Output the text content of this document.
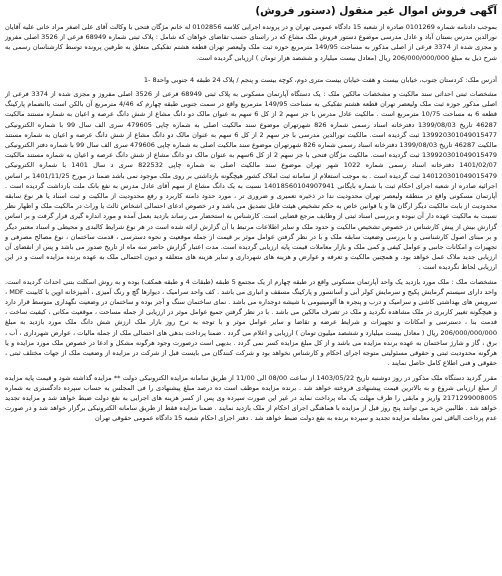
آگهی فروش اموال غیر منقول (دستور فروش)

بموجب دادنامه شماره 0101269 صادره از شعبه 15 دادگاه عمومی تهران و در پرونده اجرایی کلاسه 0102856 له خانم مژگان فتحی با وکالت آقای علی اصغر مراد خانی علیه آقایان نورالدین مدرس بستان آباد و عادل مدرسی موضوع دستور فروش ملک مشاع که در راستای حسب تقاضای خواهان که شامل : پلاک ثبتی شماره 68949 فرعی از 3526 اصلی مفروز و مجزی شده از 3374 فرعی از اصلی مذکور به مساحت 149/95 مترمربع حوزه ثبت ملک ولیعصر تهران قطعه هشتم تفکیکی متعلق به طرفین پرونده توسط کارشناسان رسمی به شرح ذیل به مبلغ 206/000/000/000 ریال (معادل بیست میلیارد و ششصد هزار تومان ) ارزیابی گردیده است.

آدرس ملک: کردستان جنوب، خیابان بیست و هفت خیابان بیست متری دوم، کوچه بیست و پنجم / پلاک 24 طبقه 4 جنوبی واحد8 -1

مشخصات ثبتی احداثی سند مالکیت و مشخصات مالکین ملک : یک دستگاه آپارتمان مسکونی به پلاک ثبتی 68949 فرعی از 3526 اصلی مفروز و مجزی شده از 3374 فرعی از اصلی مذکور حوزه ثبت ملک ولیعصر تهران قطعه هشتم تفکیکی به مساحت 149/95 مترمربع واقع در سمت جنوبی طبقه چهارم که 4/46 مترمربع آن بالکن است باانضمام پارکینگ قطعه 6 به مساحت 10/75 مترمربع است . مالکیت عادل مدرس با جز سهم 2 از کل 6 سهم به عنوان مالک دو دانگ مشاع از شش دانگ عرصه و اعیان به شماره مستند مالکیت 46287 تاریخ 1399/08/03 دفترخانه اسناد رسمی شماره 826 شهرتهران موضوع سند مالکیت اصلی به شماره چاپی 479605 سری الف سال 99 با شماره الکترونیکی 139920301049015477 ثبت گردیده است. مالکیت نورالدین مدرسی با جز سهم 2 از کل 6 سهم به عنوان مالک دو دانگ مشاع از شش دانگ عرصه و اعیان به شماره مستند مالکیت 46287 تاریخ 1399/08/03 دفترخانه اسناد رسمی شماره 826 شهرتهران موضوع سند مالکیت اصلی به شماره چاپی 479606 سری الف سال 99 با شماره دفتر الکترونیکی 139920301049015479 ثبت گردیده است. مالکیت مژگان فتحی با جز سهم 2 از کل 6سهم به عنوان مالک دو دانگ مشاع از شش دانگ عرصه و اعیان به شماره مستند مالکیت 1401/02/07 دفترخانه اسناد رسمی شماره 1022 شهر تهران موضوع سند مالکیت اصلی به شماره چاپی 822532 سری د سال 1401 با شماره الکترونیکی 140120301049015479 ثبت گردیده است . به موجب استعلام از سامانه ثبت املاک کشور هیچگونه بازداشتی بر روی ملک موجود نمی باشد ضمنا در مورخ 1401/11/25 بر اساس اجرائیه صادره از شعبه اجرای احکام ثبت با شماره بایگانی 14018560104907941 نسبت به یک دانگ مشاع از سهم آقای عادل مدرس به نفع بانک ملت بازداشت گردیده است . آپارتمان مسکونی واقع در منطقه ولیعصر تهران محدودیت ندا در ذخیره تعمیری و ضروری تر ، مورد حدود دامنه کاربرد و رفع محدودیت از مالکیت و ثبت اسناد یا هر نوع سابقه محدودیت از بابت مالکیت دیگر ارگان ها و یا قوانین خاص به حکم تشخیص هیئت قابل تصدیق می باشد و در خصوص ادعای احتمالی اشخاص ثالث یا وراث در مالکیت ملک و اظهار نظر نسبت به مالکیت عهده دار آن نبوده و بررسی اسناد ثبتی از وظایف مرجع قضایی است. کارشناس به استحضار می رساند بازدید بعمل آمده و مورد اندازه گیری قرار گرفت و بر اساس گزارش بیش از پیش کارشناس در خصوص تشخیص مالکیت و حدود ملک و سایر اطلاعات مرتبط با آن گزارش ارائه شده است در هر نوع شرایط کالبدی و محیطی و اسناد معتبر دیگر و بر مبنای اصول کارشناسی و با بررسی وضعیت سابقه ملک و با در نظر گرفتن عوامل موثر بر قیمت از جمله موقعیت و نحوه دسترسی ، قدمت ساختمان ، نوع مصالح مصرفی و تجهیزات و امکانات جانبی و عوامل کیفی و کمی ملک و بازار معاملات قیمت پایه ارزیابی گردیده است. مدت اعتبار گزارش حاضر سه ماه از تاریخ صدور می باشد و پس از انقضای آن ارزیابی جدید ملاک عمل خواهد بود. و همچنین مالکیت و تعرفه و عوارض و هزینه های شهرداری و سایر هزینه های متعلقه و دیون احتمالی ملک به عهده برنده مزایده است و در این ارزیابی لحاظ نگردیده است .

مشخصات ملک : ملک مورد بازدید یک واحد آپارتمان مسکونی واقع در طبقه چهارم از یک مجتمع 5 طبقه (طبقات 4 و طبقه همکف) بوده و به روش اسکلت بتنی احداث گردیده است. واحد دارای سیستم گرمایش پکیج و سرمایش کولر آبی و آسانسور و پارکینگ مسقف و انباری می باشد . کف واحد سرامیک ، دیوارها گچ و رنگ آمیزی ، آشپزخانه اوپن با کابینت MDF ، سرویس های بهداشتی کاشی و سرامیک و درب و پنجره ها آلومینیومی با شیشه دوجداره می باشد . نمای ساختمان سنگ و آجر بوده و ساختمان در وضعیت نگهداری متوسط قرار دارد و هیچگونه تغییر کاربری در ملک مشاهده نگردید و ملک در تصرف مالکین می باشد . با در نظر گرفتن جمیع عوامل موثر در ارزیابی از جمله مساحت ، موقعیت مکانی ، کیفیت ساخت ، قدمت بنا ، دسترسی و امکانات و تجهیزات و شرایط عرضه و تقاضا و سایر عوامل موثر و با توجه به نرخ روز بازار ملک ارزش شش دانگ ملک مورد بازدید به مبلغ 206/000/000/000 ریال ( معادل بیست میلیارد و ششصد میلیون تومان ) ارزیابی و اعلام می گردد . ضمنا پرداخت بدهی های احتمالی ملک از جمله مالیات ، عوارض شهرداری ، آب ، برق ، گاز و شارژ ساختمان به عهده برنده مزایده می باشد و از کل مبلغ مزایده کسر نمی گردد . بدیهی است درصورت وجود هرگونه مشکل و ادعا در خصوص ملک مورد مزایده و یا هرگونه محدودیت ثبتی و حقوقی مسئولیتی متوجه اجرای احکام و کارشناس نخواهد بود و شرکت کنندگان می بایست قبل از شرکت در مزایده از وضعیت ملک از جهات مختلف ثبتی ، حقوقی و فنی اطلاع کامل حاصل نمایند .

مقرر گردید دستگاه ملک مذکور در روز دوشنبه تاریخ 1403/05/22 از ساعت 08/00 الی 11/00 از طریق سامانه مزایده الکترونیکی دولت ** مزایده گذاشته شود و قیمت پایه مزایده از مبلغ ارزیابی شروع و به بالاترین قیمت پیشنهادی فروخته خواهد شد . برنده مزایده موظف است ده درصد مبلغ پیشنهادی را فی المجلس به حساب سپرده دادگستری به شماره 2171299008005 واریز و مابقی را ظرف مهلت یک ماه پرداخت نماید در غیر این صورت سپرده وی پس از کسر هزینه های اجرایی به نفع دولت ضبط خواهد شد و مزایده تجدید خواهد شد . طالبین خرید می توانند پنج روز قبل از مزایده با هماهنگی اجرای احکام از ملک بازدید نمایند . ضمنا مزایده فقط از طریق سامانه الکترونیکی برگزار خواهد شد و در صورت عدم پرداخت الباقی ثمن معامله مزایده تجدید و سپرده برنده به نفع دولت ضبط خواهد شد . دفتر اجرای احکام شعبه 15 دادگاه عمومی حقوقی تهران
